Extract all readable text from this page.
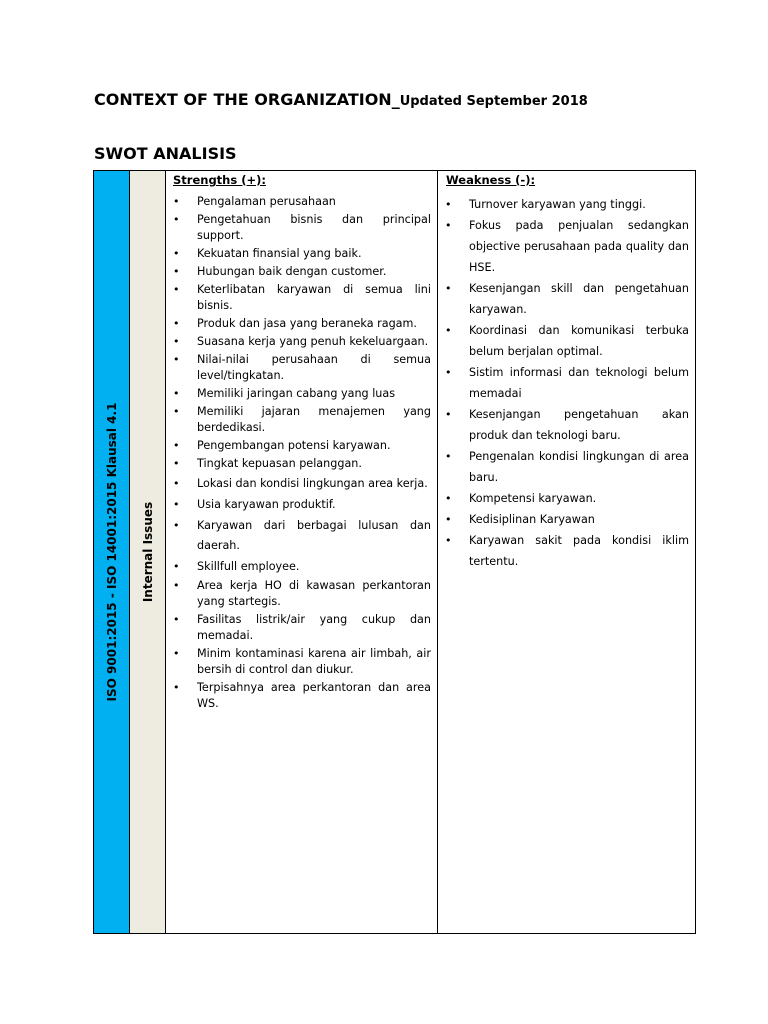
CONTEXT OF THE ORGANIZATION_Updated September 2018
SWOT ANALISIS
ISO 9001:2015 - ISO 14001:2015 Klausal 4.1 Internal Issues
Strengths (+):
• Pengalaman perusahaan
• Pengetahuan bisnis dan principal support.
• Kekuatan finansial yang baik.
• Hubungan baik dengan customer.
• Keterlibatan karyawan di semua lini bisnis.
• Produk dan jasa yang beraneka ragam.
• Suasana kerja yang penuh kekeluargaan.
• Nilai-nilai perusahaan di semua level/tingkatan.
• Memiliki jaringan cabang yang luas
• Memiliki jajaran menajemen yang berdedikasi.
• Pengembangan potensi karyawan.
• Tingkat kepuasan pelanggan.
• Lokasi dan kondisi lingkungan area kerja.
• Usia karyawan produktif.
• Karyawan dari berbagai lulusan dan daerah.
• Skillfull employee.
• Area kerja HO di kawasan perkantoran yang startegis.
• Fasilitas listrik/air yang cukup dan memadai.
• Minim kontaminasi karena air limbah, air bersih di control dan diukur.
• Terpisahnya area perkantoran dan area WS.
Weakness (-):
• Turnover karyawan yang tinggi.
• Fokus pada penjualan sedangkan objective perusahaan pada quality dan HSE.
• Kesenjangan skill dan pengetahuan karyawan.
• Koordinasi dan komunikasi terbuka belum berjalan optimal.
• Sistim informasi dan teknologi belum memadai
• Kesenjangan pengetahuan akan produk dan teknologi baru.
• Pengenalan kondisi lingkungan di area baru.
• Kompetensi karyawan.
• Kedisiplinan Karyawan
• Karyawan sakit pada kondisi iklim tertentu.
